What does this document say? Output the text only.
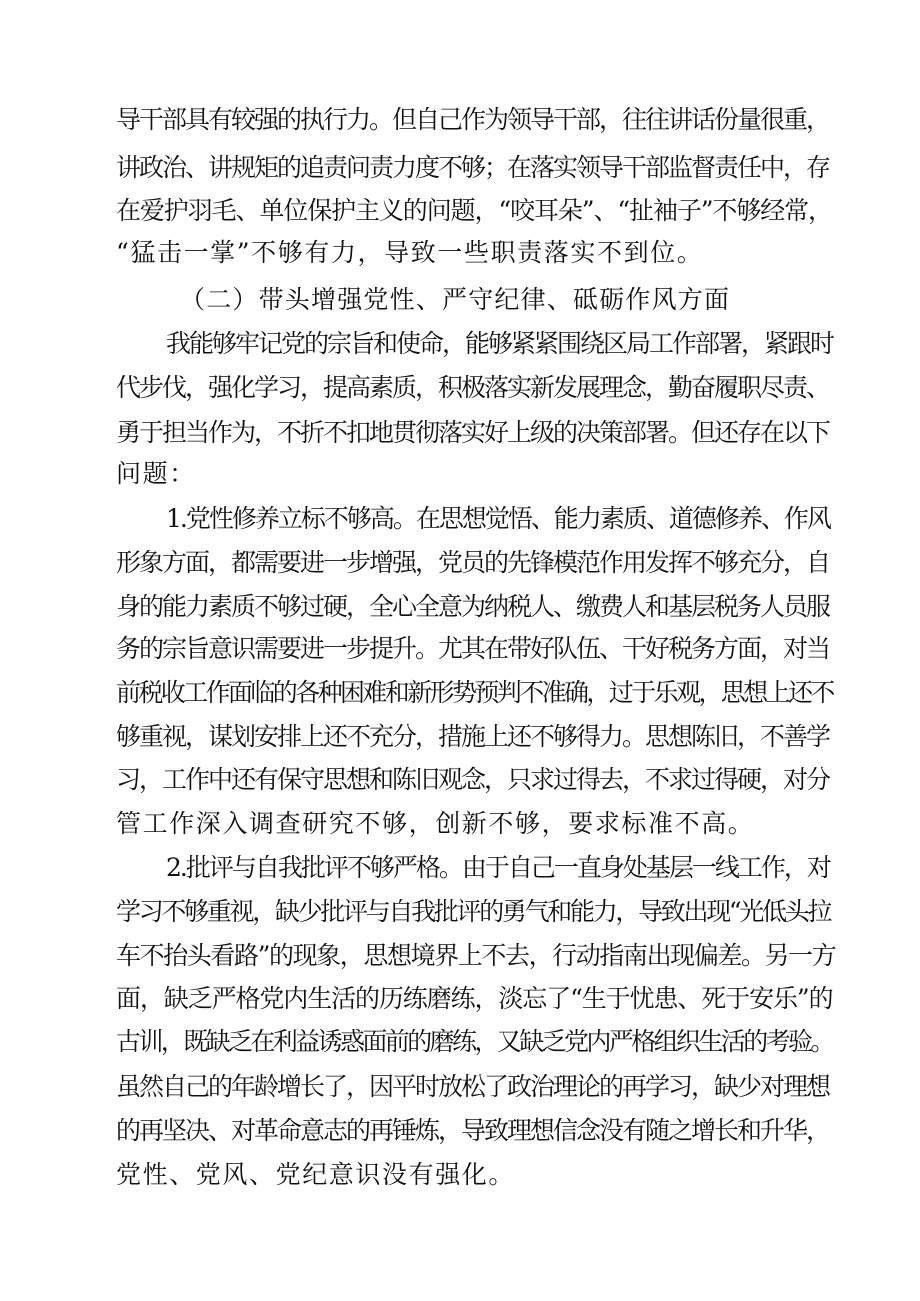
导干部具有较强的执行力。但自己作为领导干部，往往讲话份量很重，
讲政治、讲规矩的追责问责力度不够；在落实领导干部监督责任中，存
在爱护羽毛、单位保护主义的问题，“咬耳朵”、“扯袖子”不够经常，
“猛击一掌”不够有力，导致一些职责落实不到位。
（二）带头增强党性、严守纪律、砥砺作风方面
我能够牢记党的宗旨和使命，能够紧紧围绕区局工作部署，紧跟时
代步伐，强化学习，提高素质，积极落实新发展理念，勤奋履职尽责、
勇于担当作为，不折不扣地贯彻落实好上级的决策部署。但还存在以下
问题：
1.党性修养立标不够高。在思想觉悟、能力素质、道德修养、作风
形象方面，都需要进一步增强，党员的先锋模范作用发挥不够充分，自
身的能力素质不够过硬，全心全意为纳税人、缴费人和基层税务人员服
务的宗旨意识需要进一步提升。尤其在带好队伍、干好税务方面，对当
前税收工作面临的各种困难和新形势预判不准确，过于乐观，思想上还不
够重视，谋划安排上还不充分，措施上还不够得力。思想陈旧，不善学
习，工作中还有保守思想和陈旧观念，只求过得去，不求过得硬，对分
管工作深入调查研究不够，创新不够，要求标准不高。
2.批评与自我批评不够严格。由于自己一直身处基层一线工作，对
学习不够重视，缺少批评与自我批评的勇气和能力，导致出现“光低头拉
车不抬头看路”的现象，思想境界上不去，行动指南出现偏差。另一方
面，缺乏严格党内生活的历练磨练，淡忘了“生于忧患、死于安乐”的
古训，既缺乏在利益诱惑面前的磨练，又缺乏党内严格组织生活的考验。
虽然自己的年龄增长了，因平时放松了政治理论的再学习，缺少对理想
的再坚决、对革命意志的再锤炼，导致理想信念没有随之增长和升华，
党性、党风、党纪意识没有强化。
